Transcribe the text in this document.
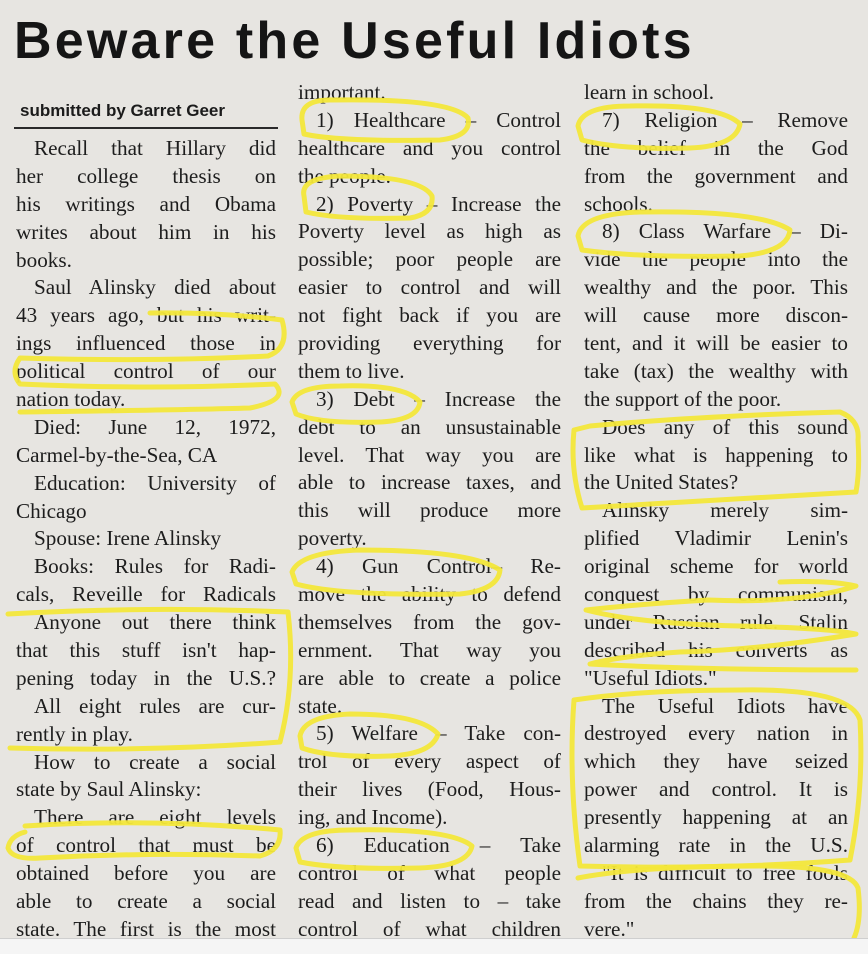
Beware the Useful Idiots
submitted by Garret Geer
Recall that Hillary did
her college thesis on
his writings and Obama
writes about him in his
books.
Saul Alinsky died about
43 years ago, but his writ-
ings influenced those in
political control of our
nation today.
Died: June 12, 1972,
Carmel-by-the-Sea, CA
Education: University of
Chicago
Spouse: Irene Alinsky
Books: Rules for Radi-
cals, Reveille for Radicals
Anyone out there think
that this stuff isn't hap-
pening today in the U.S.?
All eight rules are cur-
rently in play.
How to create a social
state by Saul Alinsky:
There are eight levels
of control that must be
obtained before you are
able to create a social
state. The first is the most
important.
1) Healthcare – Control
healthcare and you control
the people.
2) Poverty – Increase the
Poverty level as high as
possible; poor people are
easier to control and will
not fight back if you are
providing everything for
them to live.
3) Debt – Increase the
debt to an unsustainable
level. That way you are
able to increase taxes, and
this will produce more
poverty.
4) Gun Control– Re-
move the ability to defend
themselves from the gov-
ernment. That way you
are able to create a police
state.
5) Welfare – Take con-
trol of every aspect of
their lives (Food, Hous-
ing, and Income).
6) Education – Take
control of what people
read and listen to – take
control of what children
learn in school.
7) Religion – Remove
the belief in the God
from the government and
schools.
8) Class Warfare – Di-
vide the people into the
wealthy and the poor. This
will cause more discon-
tent, and it will be easier to
take (tax) the wealthy with
the support of the poor.
Does any of this sound
like what is happening to
the United States?
Alinsky merely sim-
plified Vladimir Lenin's
original scheme for world
conquest by communism,
under Russian rule. Stalin
described his converts as
"Useful Idiots."
The Useful Idiots have
destroyed every nation in
which they have seized
power and control. It is
presently happening at an
alarming rate in the U.S.
"It is difficult to free fools
from the chains they re-
vere."
